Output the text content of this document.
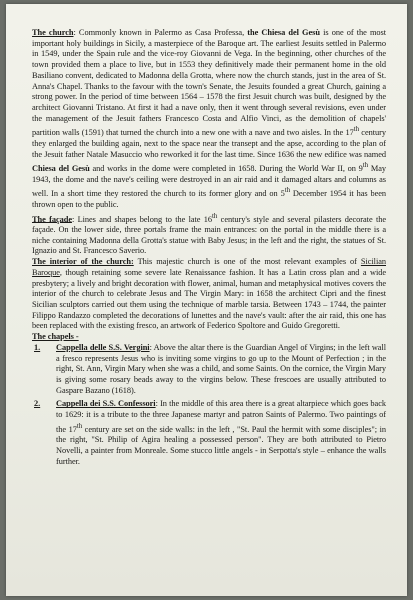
The church: Commonly known in Palermo as Casa Professa, the Chiesa del Gesù is one of the most important holy buildings in Sicily, a masterpiece of the Baroque art. The earliest Jesuits settled in Palermo in 1549, under the Spain rule and the vice-roy Giovanni de Vega. In the beginning, other churches of the town provided them a place to live, but in 1553 they definitively made their permanent home in the old Basiliano convent, dedicated to Madonna della Grotta, where now the church stands, just in the area of St. Anna's Chapel. Thanks to the favour with the town's Senate, the Jesuits founded a great Church, gaining a strong power. In the period of time between 1564 – 1578 the first Jesuit church was built, designed by the architect Giovanni Tristano. At first it had a nave only, then it went through several revisions, even under the management of the Jesuit fathers Francesco Costa and Alfio Vinci, as the demolition of chapels' partition walls (1591) that turned the church into a new one with a nave and two aisles. In the 17th century they enlarged the building again, next to the space near the transept and the apse, according to the plan of the Jesuit father Natale Masuccio who reworked it for the last time. Since 1636 the new edifice was named Chiesa del Gesù and works in the dome were completed in 1658. During the World War II, on 9th May 1943, the dome and the nave's ceiling were destroyed in an air raid and it damaged altars and columns as well. In a short time they restored the church to its former glory and on 5th December 1954 it has been thrown open to the public.

The façade: Lines and shapes belong to the late 16th century's style and several pilasters decorate the façade. On the lower side, three portals frame the main entrances: on the portal in the middle there is a niche containing Madonna della Grotta's statue with Baby Jesus; in the left and the right, the statues of St. Ignazio and St. Francesco Saverio.

The interior of the church: This majestic church is one of the most relevant examples of Sicilian Baroque, though retaining some severe late Renaissance fashion. It has a Latin cross plan and a wide presbytery; a lively and bright decoration with flower, animal, human and metaphysical motives covers the interior of the church to celebrate Jesus and The Virgin Mary: in 1658 the architect Cipri and the finest Sicilian sculptors carried out them using the technique of marble tarsia. Between 1743 – 1744, the painter Filippo Randazzo completed the decorations of lunettes and the nave's vault: after the air raid, this one has been replaced with the existing fresco, an artwork of Federico Spoltore and Guido Gregoretti.

The chapels -

1.	Cappella delle S.S. Vergini: Above the altar there is the Guardian Angel of Virgins; in the left wall a fresco represents Jesus who is inviting some virgins to go up to the Mount of Perfection ; in the right, St. Ann, Virgin Mary when she was a child, and some Saints. On the cornice, the Virgin Mary is giving some rosary beads away to the virgins below. These frescoes are usually attributed to Gaspare Bazano (1618).
2.	Cappella dei S.S. Confessori: In the middle of this area there is a great altarpiece which goes back to 1629: it is a tribute to the three Japanese martyr and patron Saints of Palermo. Two paintings of the 17th century are set on the side walls: in the left , "St. Paul the hermit with some disciples"; in the right, "St. Philip of Agira healing a possessed person". They are both attributed to Pietro Novelli, a painter from Monreale. Some stucco little angels - in Serpotta's style – enhance the walls further.
